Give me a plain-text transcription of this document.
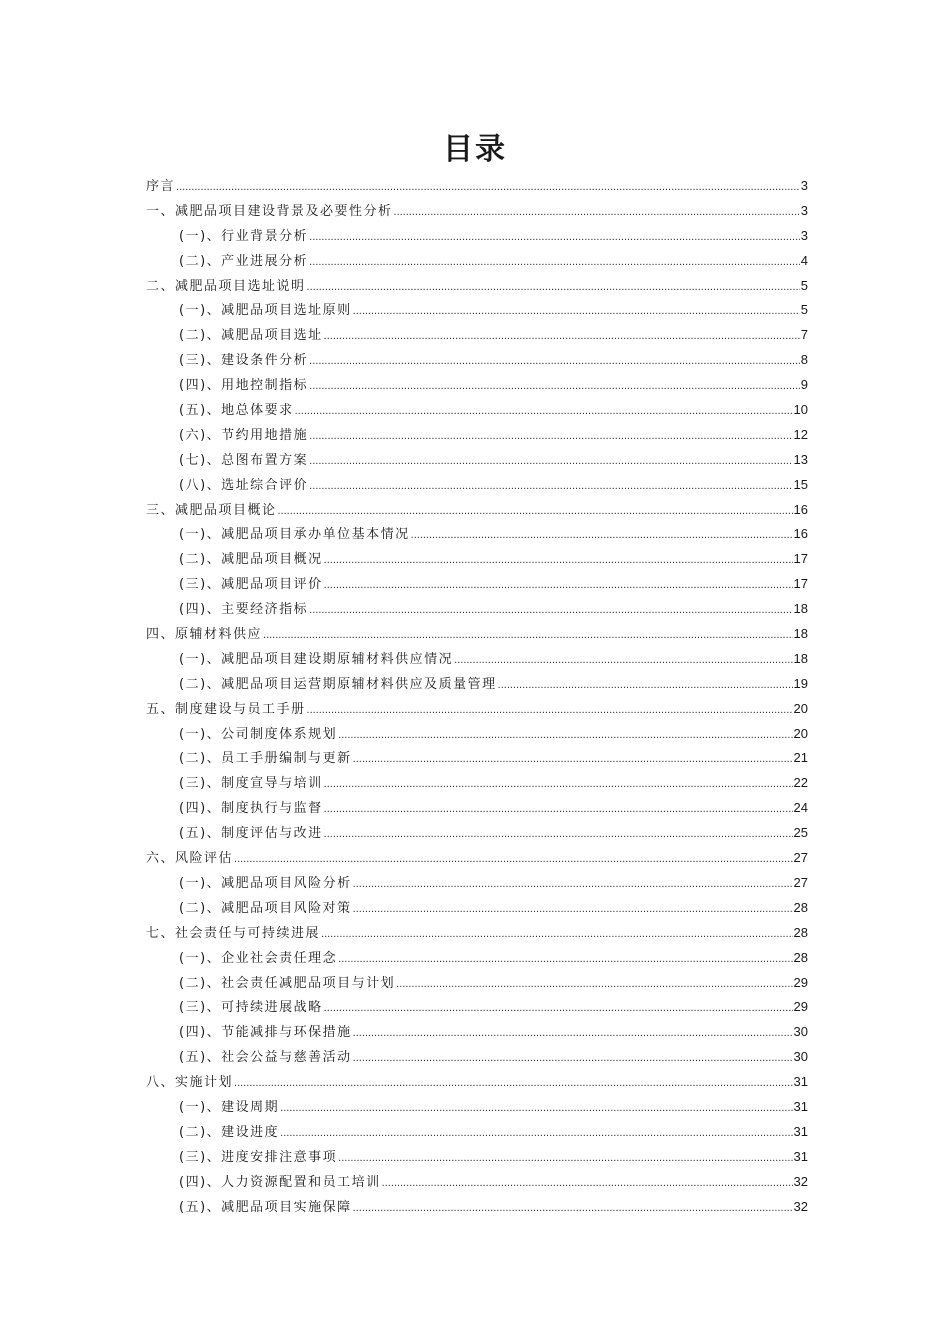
目录
序言 .....	3
一、减肥品项目建设背景及必要性分析 .....	3
(一)、行业背景分析 .....	3
(二)、产业进展分析 .....	4
二、减肥品项目选址说明 .....	5
(一)、减肥品项目选址原则 .....	5
(二)、减肥品项目选址 .....	7
(三)、建设条件分析 .....	8
(四)、用地控制指标 .....	9
(五)、地总体要求 .....	10
(六)、节约用地措施 .....	12
(七)、总图布置方案 .....	13
(八)、选址综合评价 .....	15
三、减肥品项目概论 .....	16
(一)、减肥品项目承办单位基本情况 .....	16
(二)、减肥品项目概况 .....	17
(三)、减肥品项目评价 .....	17
(四)、主要经济指标 .....	18
四、原辅材料供应 .....	18
(一)、减肥品项目建设期原辅材料供应情况 .....	18
(二)、减肥品项目运营期原辅材料供应及质量管理 .....	19
五、制度建设与员工手册 .....	20
(一)、公司制度体系规划 .....	20
(二)、员工手册编制与更新 .....	21
(三)、制度宣导与培训 .....	22
(四)、制度执行与监督 .....	24
(五)、制度评估与改进 .....	25
六、风险评估 .....	27
(一)、减肥品项目风险分析 .....	27
(二)、减肥品项目风险对策 .....	28
七、社会责任与可持续进展 .....	28
(一)、企业社会责任理念 .....	28
(二)、社会责任减肥品项目与计划 .....	29
(三)、可持续进展战略 .....	29
(四)、节能减排与环保措施 .....	30
(五)、社会公益与慈善活动 .....	30
八、实施计划 .....	31
(一)、建设周期 .....	31
(二)、建设进度 .....	31
(三)、进度安排注意事项 .....	31
(四)、人力资源配置和员工培训 .....	32
(五)、减肥品项目实施保障 .....	32
